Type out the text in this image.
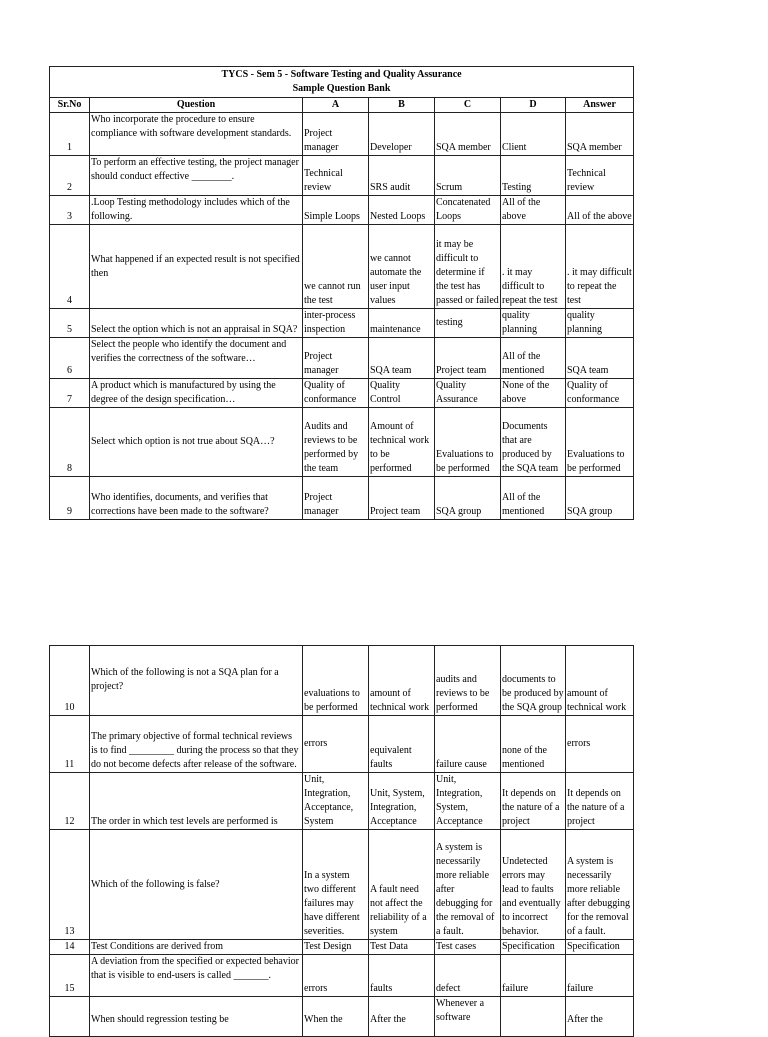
TYCS - Sem 5 - Software Testing and Quality Assurance
Sample Question Bank						

Sr.No	Question	A	B	C	D	Answer
1	Who incorporate the procedure to ensure compliance with software development standards.	Project manager	Developer	SQA member	Client	SQA member
2	To perform an effective testing, the project manager should conduct effective ________.	Technical review	SRS audit	Scrum	Testing	Technical review
3	.Loop Testing methodology includes which of the following.	Simple Loops	Nested Loops	Concatenated Loops	All of the above	All of the above
4	What happened if an expected result is not specified then	we cannot run the test	we cannot automate the user input values	it may be difficult to determine if the test has passed or failed	. it may difficult to repeat the test	. it may difficult to repeat the test
5	Select the option which is not an appraisal in SQA?	inter-process inspection	maintenance	testing	quality planning	quality planning
6	Select the people who identify the document and verifies the correctness of the software…	Project manager	SQA team	Project team	All of the mentioned	SQA team
7	A product which is manufactured by using the degree of the design specification…	Quality of conformance	Quality Control	Quality Assurance	None of the above	Quality of conformance
8	Select which option is not true about SQA…?	Audits and reviews to be performed by the team	Amount of technical work to be performed	Evaluations to be performed	Documents that are produced by the SQA team	Evaluations to be performed
9	Who identifies, documents, and verifies that corrections have been made to the software?	Project manager	Project team	SQA group	All of the mentioned	SQA group
10	Which of the following is not a SQA plan for a project?	evaluations to be performed	amount of technical work	audits and reviews to be performed	documents to be produced by the SQA group	amount of technical work
11	The primary objective of formal technical reviews is to find _________ during the process so that they do not become defects after release of the software.	errors	equivalent faults	failure cause	none of the mentioned	errors
12	The order in which test levels are performed is	Unit, Integration, Acceptance, System	Unit, System, Integration, Acceptance	Unit, Integration, System, Acceptance	It depends on the nature of a project	It depends on the nature of a project
13	Which of the following is false?	In a system two different failures may have different severities.	A fault need not affect the reliability of a system	A system is necessarily more reliable after debugging for the removal of a fault.	Undetected errors may lead to faults and eventually to incorrect behavior.	A system is necessarily more reliable after debugging for the removal of a fault.
14	Test Conditions are derived from	Test Design	Test Data	Test cases	Specification	Specification
15	A deviation from the specified or expected behavior that is visible to end-users is called _______.	errors	faults	defect	failure	failure
	When should regression testing be	When the	After the	Whenever a software		After the
